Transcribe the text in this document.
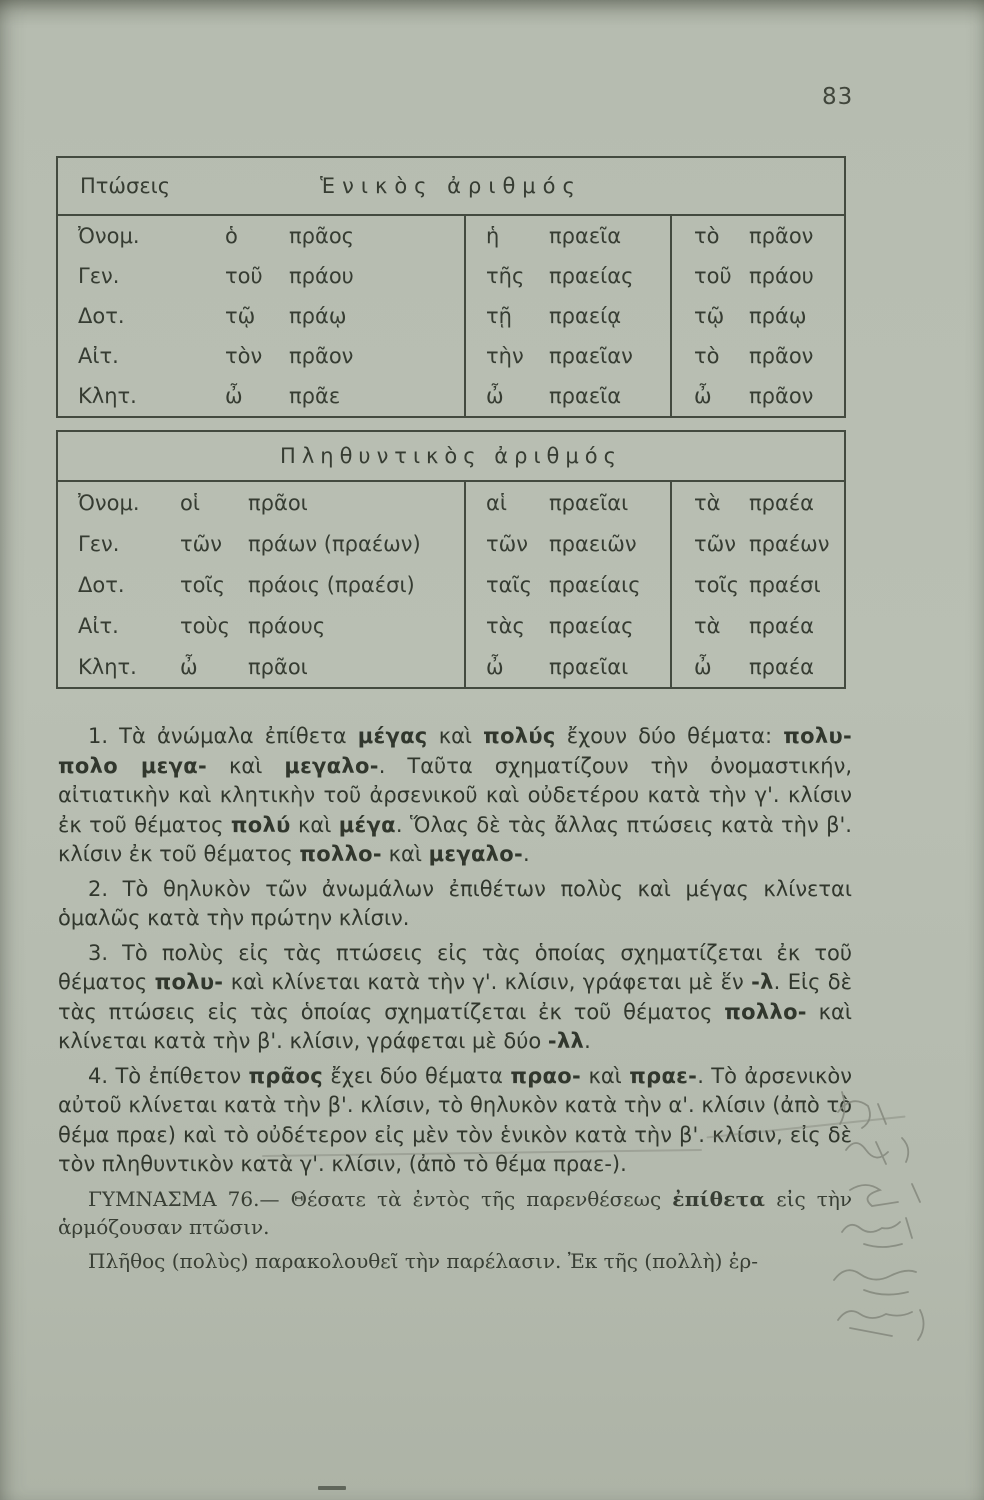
83
Πτώσεις	Ἑνικὸς ἀριθμός
Ὀνομ.	ὁ	πρᾶος	ἡ	πραεῖα	τὸ	πρᾶον
Γεν.	τοῦ	πράου	τῆς	πραείας	τοῦ πράου
Δοτ.	τῷ	πράῳ	τῇ	πραείᾳ	τῷ	πράῳ
Αἰτ.	τὸν	πρᾶον	τὴν	πραεῖαν	τὸ	πρᾶον
Κλητ.	ὦ	πρᾶε	ὦ	πραεῖα	ὦ	πρᾶον
Πληθυντικὸς ἀριθμός
Ὀνομ.	οἱ	πρᾶοι	αἱ	πραεῖαι	τὰ	πραέα
Γεν.	τῶν	πράων (πραέων)	τῶν	πραειῶν	τῶν πραέων
Δοτ.	τοῖς	πράοις (πραέσι)	ταῖς πραείαις	τοῖς πραέσι
Αἰτ.	τοὺς πράους	τὰς	πραείας	τὰ	πραέα
Κλητ.	ὦ	πρᾶοι	ὦ	πραεῖαι	ὦ	πραέα

1. Τὰ ἀνώμαλα ἐπίθετα μέγας καὶ πολύς ἔχουν δύο θέματα: πολυ- πολο μεγα- καὶ μεγαλο-. Ταῦτα σχηματίζουν τὴν ὀνομαστικήν, αἰτιατικὴν καὶ κλητικὴν τοῦ ἀρσενικοῦ καὶ οὐδετέρου κατὰ τὴν γ'. κλίσιν ἐκ τοῦ θέματος πολύ καὶ μέγα. Ὅλας δὲ τὰς ἄλλας πτώσεις κατὰ τὴν β'. κλίσιν ἐκ τοῦ θέματος πολλο- καὶ μεγαλο-.

2. Τὸ θηλυκὸν τῶν ἀνωμάλων ἐπιθέτων πολὺς καὶ μέγας κλίνεται ὁμαλῶς κατὰ τὴν πρώτην κλίσιν.

3. Τὸ πολὺς εἰς τὰς πτώσεις εἰς τὰς ὁποίας σχηματίζεται ἐκ τοῦ θέματος πολυ- καὶ κλίνεται κατὰ τὴν γ'. κλίσιν, γράφεται μὲ ἕν -λ. Εἰς δὲ τὰς πτώσεις εἰς τὰς ὁποίας σχηματίζεται ἐκ τοῦ θέματος πολλο- καὶ κλίνεται κατὰ τὴν β'. κλίσιν, γράφεται μὲ δύο -λλ.

4. Τὸ ἐπίθετον πρᾶος ἔχει δύο θέματα πραο- καὶ πραε-. Τὸ ἀρσενικὸν αὐτοῦ κλίνεται κατὰ τὴν β'. κλίσιν, τὸ θηλυκὸν κατὰ τὴν α'. κλίσιν (ἀπὸ τὸ θέμα πραε) καὶ τὸ οὐδέτερον εἰς μὲν τὸν ἑνικὸν κατὰ τὴν β'. κλίσιν, εἰς δὲ τὸν πληθυντικὸν κατὰ γ'. κλίσιν, (ἀπὸ τὸ θέμα πραε-).

ΓΥΜΝΑΣΜΑ 76.— Θέσατε τὰ ἐντὸς τῆς παρενθέσεως ἐπίθετα εἰς τὴν ἁρμόζουσαν πτῶσιν.

Πλῆθος (πολὺς) παρακολουθεῖ τὴν παρέλασιν. Ἐκ τῆς (πολλὴ) ἐρ-
